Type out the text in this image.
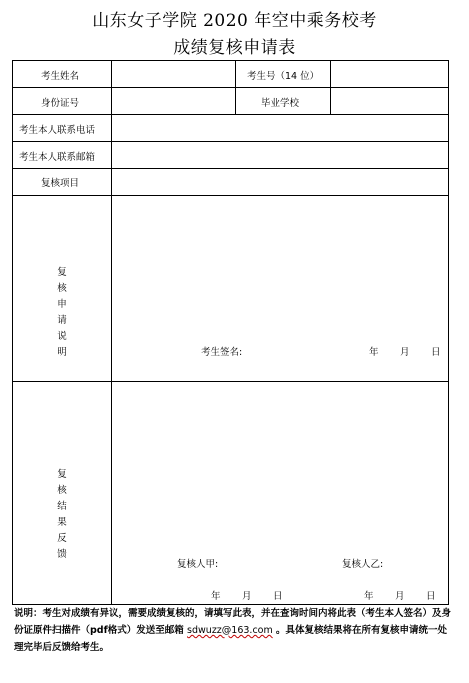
山东女子学院 2020 年空中乘务校考
成绩复核申请表
考生姓名	考生号（14 位）
身份证号	毕业学校
考生本人联系电话
考生本人联系邮箱
复核项目
复
核
申
请
说
明	考生签名:	年 月 日
复
核
结
果
反
馈
复核人甲:	复核人乙:
年 月 日	年 月 日
说明：考生对成绩有异议，需要成绩复核的，请填写此表，并在查询时间内将此表（考生本人签名）及身份证原件扫描件（pdf格式）发送至邮箱 sdwuzz@163.com 。具体复核结果将在所有复核申请统一处理完毕后反馈给考生。
